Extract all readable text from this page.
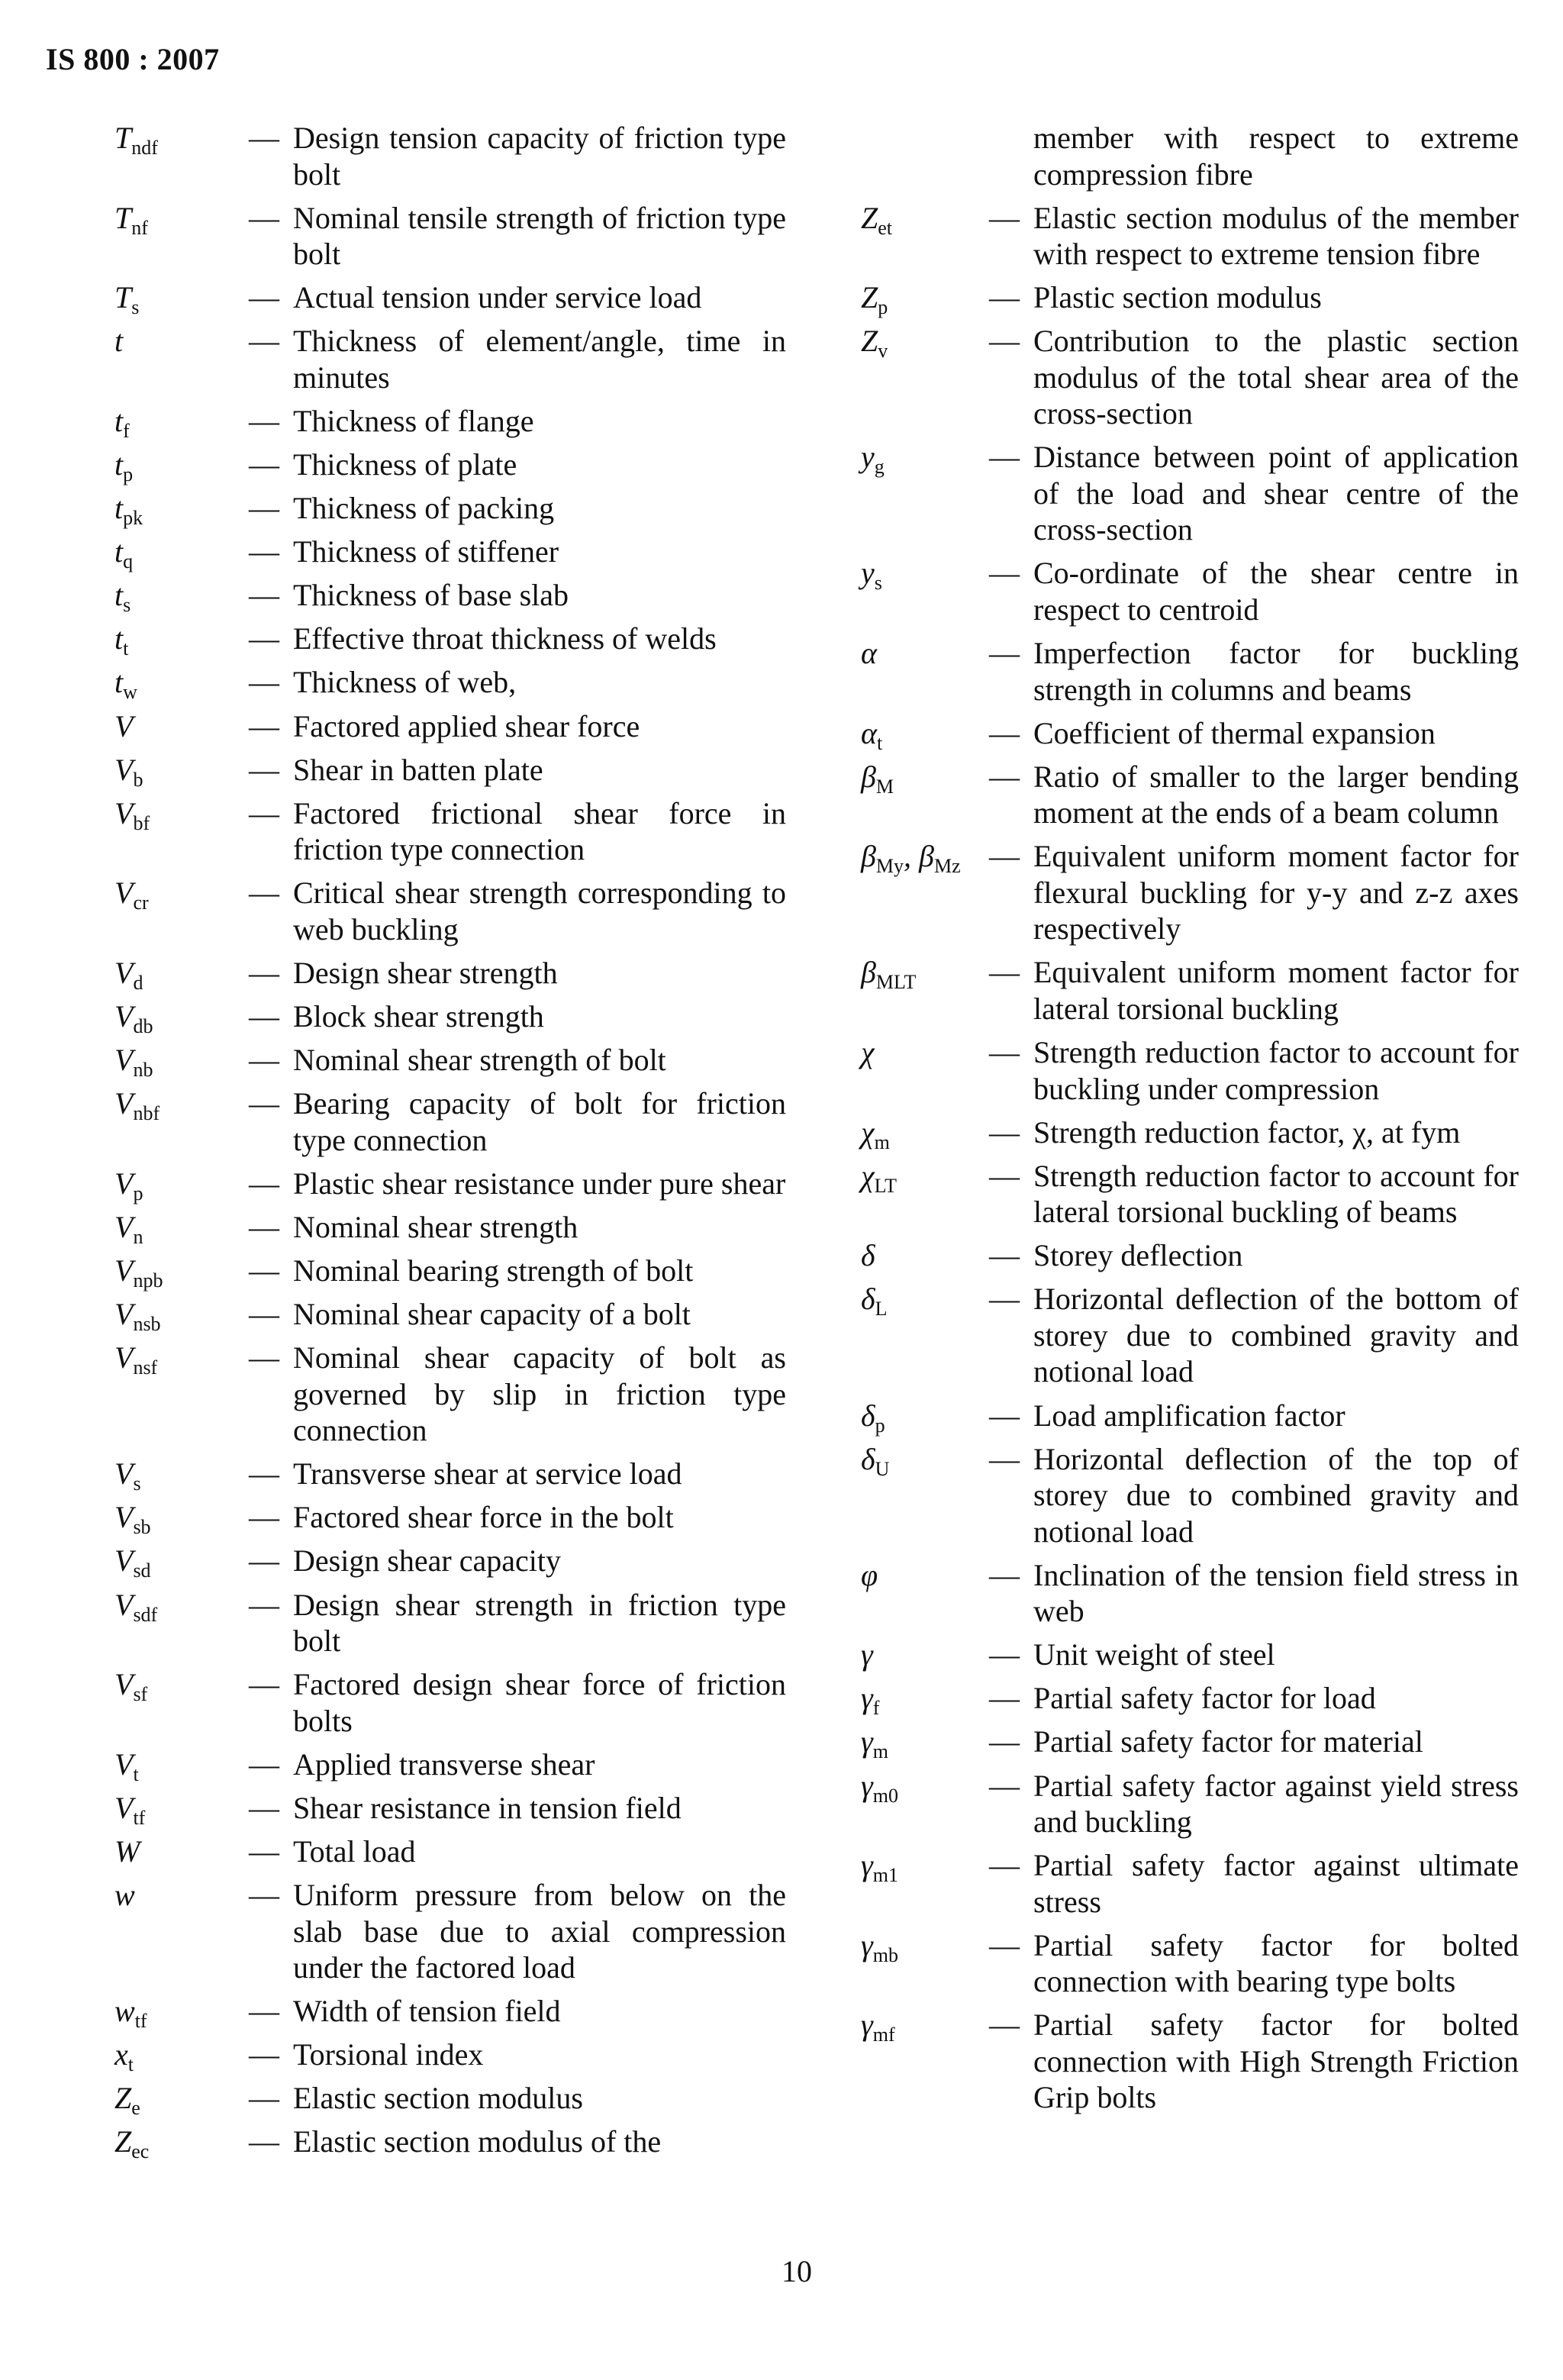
IS 800 : 2007
$T_{ndf}$	— Design tension capacity of friction type bolt
$T_{nf}$	— Nominal tensile strength of friction type bolt
$T_s$	— Actual tension under service load
t	— Thickness of element/angle, time in minutes
$t_f$	— Thickness of flange
$t_p$	— Thickness of plate
$t_{pk}$	— Thickness of packing
$t_q$	— Thickness of stiffener
$t_s$	— Thickness of base slab
$t_t$	— Effective throat thickness of welds
$t_w$	— Thickness of web,
V	— Factored applied shear force
$V_b$	— Shear in batten plate
$V_{bf}$	— Factored frictional shear force in friction type connection
$V_{cr}$	— Critical shear strength corresponding to web buckling
$V_d$	— Design shear strength
$V_{db}$	— Block shear strength
$V_{nb}$	— Nominal shear strength of bolt
$V_{nbf}$	— Bearing capacity of bolt for friction type connection
$V_p$	— Plastic shear resistance under pure shear
$V_n$	— Nominal shear strength
$V_{npb}$	— Nominal bearing strength of bolt
$V_{nsb}$	— Nominal shear capacity of a bolt
$V_{nsf}$	— Nominal shear capacity of bolt as governed by slip in friction type connection
$V_s$	— Transverse shear at service load
$V_{sb}$	— Factored shear force in the bolt
$V_{sd}$	— Design shear capacity
$V_{sdf}$	— Design shear strength in friction type bolt
$V_{sf}$	— Factored design shear force of friction bolts
$V_t$	— Applied transverse shear
$V_{tf}$	— Shear resistance in tension field
W	— Total load
w	— Uniform pressure from below on the slab base due to axial compression under the factored load
$w_{tf}$	— Width of tension field
$x_t$	— Torsional index
$Z_e$	— Elastic section modulus
$Z_{ec}$	— Elastic section modulus of the
member with respect to extreme compression fibre
$Z_{et}$	— Elastic section modulus of the member with respect to extreme tension fibre
$Z_p$	— Plastic section modulus
$Z_v$	— Contribution to the plastic section modulus of the total shear area of the cross-section
$y_g$	— Distance between point of application of the load and shear centre of the cross-section
$y_s$	— Co-ordinate of the shear centre in respect to centroid
α	— Imperfection factor for buckling strength in columns and beams
$\alpha_t$	— Coefficient of thermal expansion
$\beta_M$	— Ratio of smaller to the larger bending moment at the ends of a beam column
$\beta_{My}$, $\beta_{Mz}$ — Equivalent uniform moment factor for flexural buckling for y-y and z-z axes respectively
$\beta_{MLT}$	— Equivalent uniform moment factor for lateral torsional buckling
χ	— Strength reduction factor to account for buckling under compression
$\chi_m$	— Strength reduction factor, χ, at fym
$\chi_{LT}$	— Strength reduction factor to account for lateral torsional buckling of beams
δ	— Storey deflection
$\delta_L$	— Horizontal deflection of the bottom of storey due to combined gravity and notional load
$\delta_p$	— Load amplification factor
$\delta_U$	— Horizontal deflection of the top of storey due to combined gravity and notional load
φ	— Inclination of the tension field stress in web
γ	— Unit weight of steel
$\gamma_f$	— Partial safety factor for load
$\gamma_m$	— Partial safety factor for material
$\gamma_{m0}$	— Partial safety factor against yield stress and buckling
$\gamma_{m1}$	— Partial safety factor against ultimate stress
$\gamma_{mb}$	— Partial safety factor for bolted connection with bearing type bolts
$\gamma_{mf}$	— Partial safety factor for bolted connection with High Strength Friction Grip bolts
10
